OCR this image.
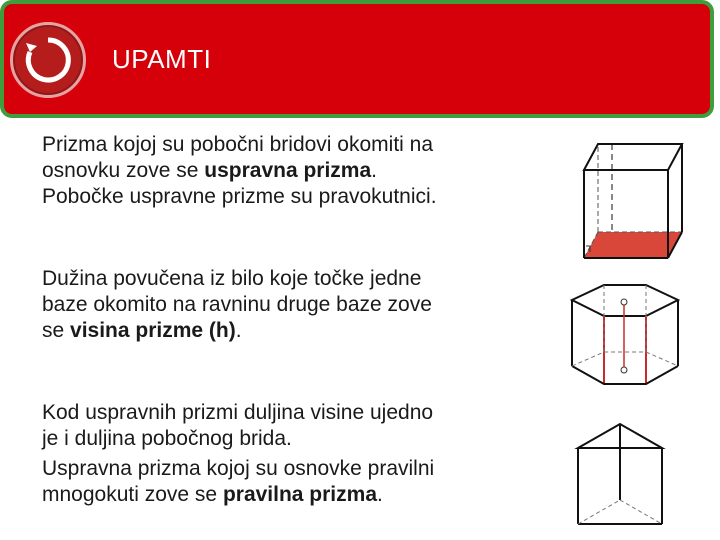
UPAMTI
Prizma kojoj su pobočni bridovi okomiti na
osnovku zove se uspravna prizma.
Pobočke uspravne prizme su pravokutnici.
Dužina povučena iz bilo koje točke jedne
baze okomito na ravninu druge baze zove
se visina prizme (h).
Kod uspravnih prizmi duljina visine ujedno
je i duljina pobočnog brida.
Uspravna prizma kojoj su osnovke pravilni
mnogokuti zove se pravilna prizma.
